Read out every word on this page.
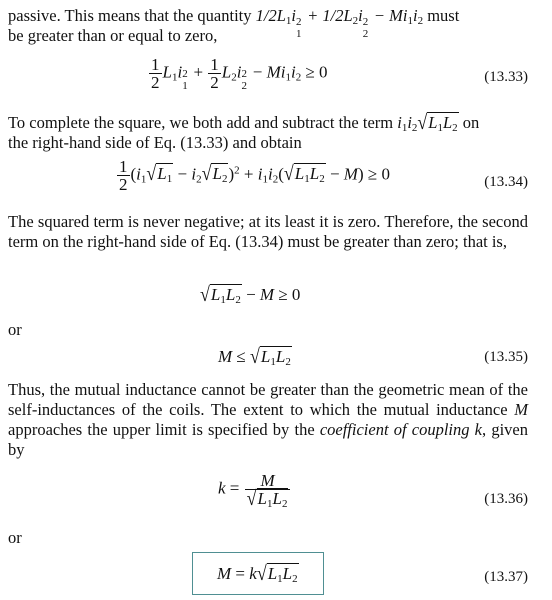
passive. This means that the quantity 1/2L1i 2
1
+ 1/2L2i 2
2
− Mi1i2 must
be greater than or equal to zero,
$\frac{1}{2} L1i$ 2
1
+ $\frac{1}{2} L2i$ 2
2
− Mi1i2 ≥ 0	(13.33)
To complete the square, we both add and subtract the term i1i2√L1L2 on
the right-hand side of Eq. (13.33) and obtain
$\frac{1}{2} (i1√L1 - i2√L2)^2 + i1i2(√L1L2 - M) \ge 0$	(13.34)
The squared term is never negative; at its least it is zero. Therefore, the second term on the right-hand side of Eq. (13.34) must be greater than zero; that is,
√L1L2 − M ≥ 0
or
M ≤ √L1L2	(13.35)
Thus, the mutual inductance cannot be greater than the geometric mean of the self-inductances of the coils. The extent to which the mutual inductance M approaches the upper limit is specified by the coefficient of coupling k, given by
$k = \frac{M}{√L1L2}$	(13.36)
or
M = k√L1L2	(13.37)
